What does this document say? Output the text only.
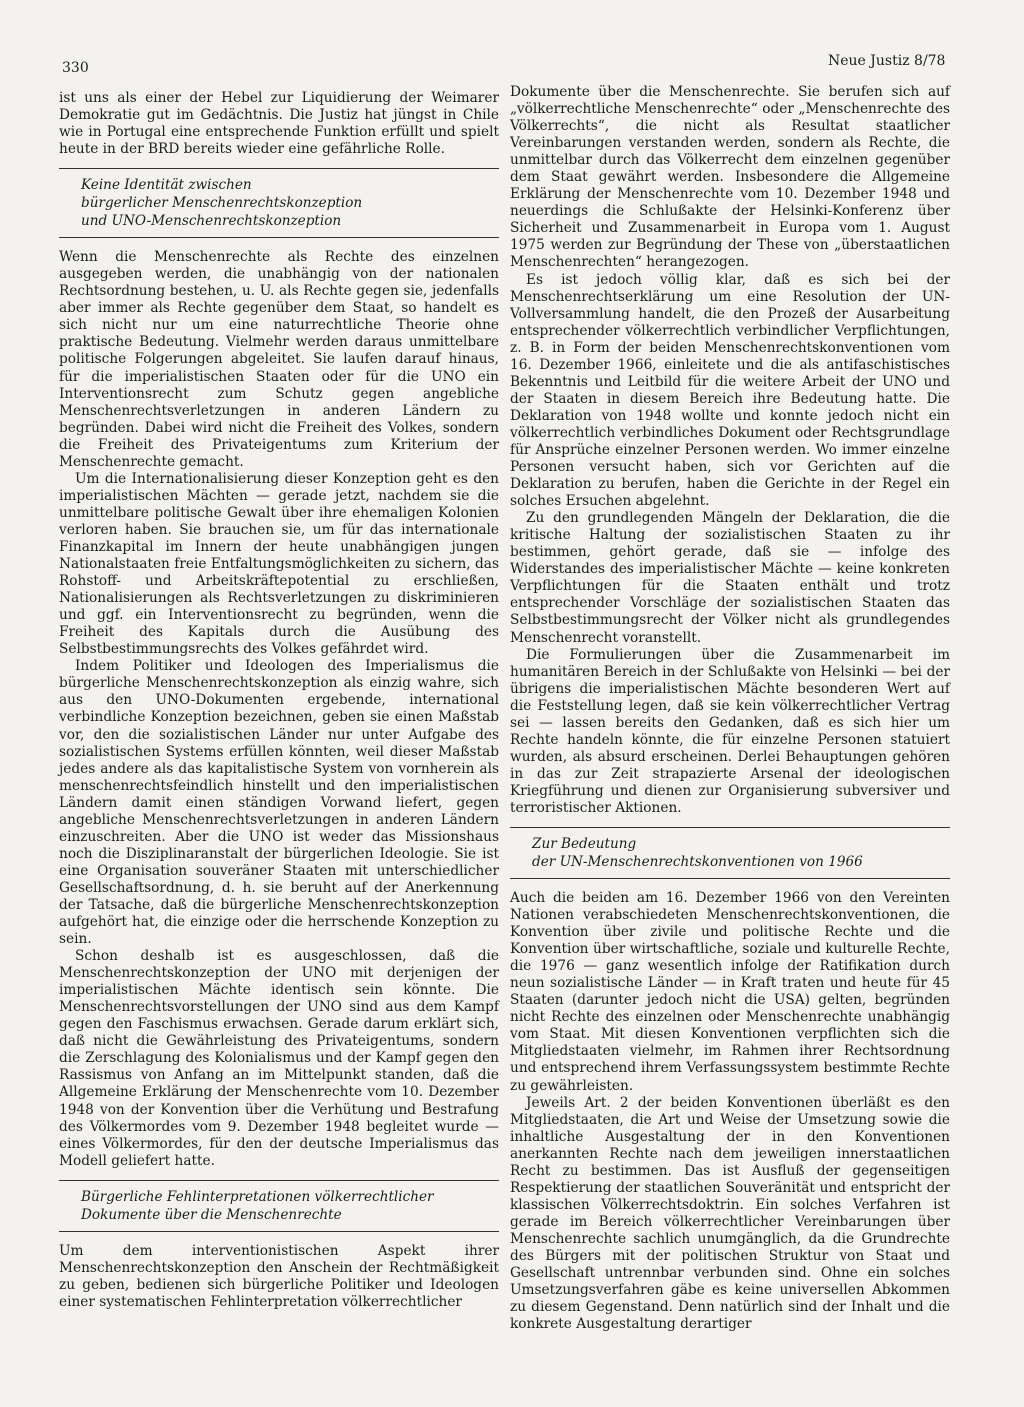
330	Neue Justiz 8/78

ist uns als einer der Hebel zur Liquidierung der Weimarer Demokratie gut im Gedächtnis. Die Justiz hat jüngst in Chile wie in Portugal eine entsprechende Funktion erfüllt und spielt heute in der BRD bereits wieder eine gefährliche Rolle.

Keine Identität zwischen
bürgerlicher Menschenrechtskonzeption
und UNO-Menschenrechtskonzeption

Wenn die Menschenrechte als Rechte des einzelnen ausgegeben werden, die unabhängig von der nationalen Rechtsordnung bestehen, u. U. als Rechte gegen sie, jedenfalls aber immer als Rechte gegenüber dem Staat, so handelt es sich nicht nur um eine naturrechtliche Theorie ohne praktische Bedeutung. Vielmehr werden daraus unmittelbare politische Folgerungen abgeleitet. Sie laufen darauf hinaus, für die imperialistischen Staaten oder für die UNO ein Interventionsrecht zum Schutz gegen angebliche Menschenrechtsverletzungen in anderen Ländern zu begründen. Dabei wird nicht die Freiheit des Volkes, sondern die Freiheit des Privateigentums zum Kriterium der Menschenrechte gemacht.

Um die Internationalisierung dieser Konzeption geht es den imperialistischen Mächten — gerade jetzt, nachdem sie die unmittelbare politische Gewalt über ihre ehemaligen Kolonien verloren haben. Sie brauchen sie, um für das internationale Finanzkapital im Innern der heute unabhängigen jungen Nationalstaaten freie Entfaltungsmöglichkeiten zu sichern, das Rohstoff- und Arbeitskräftepotential zu erschließen, Nationalisierungen als Rechtsverletzungen zu diskriminieren und ggf. ein Interventionsrecht zu begründen, wenn die Freiheit des Kapitals durch die Ausübung des Selbstbestimmungsrechts des Volkes gefährdet wird.

Indem Politiker und Ideologen des Imperialismus die bürgerliche Menschenrechtskonzeption als einzig wahre, sich aus den UNO-Dokumenten ergebende, international verbindliche Konzeption bezeichnen, geben sie einen Maßstab vor, den die sozialistischen Länder nur unter Aufgabe des sozialistischen Systems erfüllen könnten, weil dieser Maßstab jedes andere als das kapitalistische System von vornherein als menschenrechtsfeindlich hinstellt und den imperialistischen Ländern damit einen ständigen Vorwand liefert, gegen angebliche Menschenrechtsverletzungen in anderen Ländern einzuschreiten. Aber die UNO ist weder das Missionshaus noch die Disziplinaranstalt der bürgerlichen Ideologie. Sie ist eine Organisation souveräner Staaten mit unterschiedlicher Gesellschaftsordnung, d. h. sie beruht auf der Anerkennung der Tatsache, daß die bürgerliche Menschenrechtskonzeption aufgehört hat, die einzige oder die herrschende Konzeption zu sein.

Schon deshalb ist es ausgeschlossen, daß die Menschenrechtskonzeption der UNO mit derjenigen der imperialistischen Mächte identisch sein könnte. Die Menschenrechtsvorstellungen der UNO sind aus dem Kampf gegen den Faschismus erwachsen. Gerade darum erklärt sich, daß nicht die Gewährleistung des Privateigentums, sondern die Zerschlagung des Kolonialismus und der Kampf gegen den Rassismus von Anfang an im Mittelpunkt standen, daß die Allgemeine Erklärung der Menschenrechte vom 10. Dezember 1948 von der Konvention über die Verhütung und Bestrafung des Völkermordes vom 9. Dezember 1948 begleitet wurde — eines Völkermordes, für den der deutsche Imperialismus das Modell geliefert hatte.

Bürgerliche Fehlinterpretationen völkerrechtlicher
Dokumente über die Menschenrechte

Um dem interventionistischen Aspekt ihrer Menschenrechtskonzeption den Anschein der Rechtmäßigkeit zu geben, bedienen sich bürgerliche Politiker und Ideologen einer systematischen Fehlinterpretation völkerrechtlicher

Dokumente über die Menschenrechte. Sie berufen sich auf „völkerrechtliche Menschenrechte“ oder „Menschenrechte des Völkerrechts“, die nicht als Resultat staatlicher Vereinbarungen verstanden werden, sondern als Rechte, die unmittelbar durch das Völkerrecht dem einzelnen gegenüber dem Staat gewährt werden. Insbesondere die Allgemeine Erklärung der Menschenrechte vom 10. Dezember 1948 und neuerdings die Schlußakte der Helsinki-Konferenz über Sicherheit und Zusammenarbeit in Europa vom 1. August 1975 werden zur Begründung der These von „überstaatlichen Menschenrechten“ herangezogen.

Es ist jedoch völlig klar, daß es sich bei der Menschenrechtserklärung um eine Resolution der UN-Vollversammlung handelt, die den Prozeß der Ausarbeitung entsprechender völkerrechtlich verbindlicher Verpflichtungen, z. B. in Form der beiden Menschenrechtskonventionen vom 16. Dezember 1966, einleitete und die als antifaschistisches Bekenntnis und Leitbild für die weitere Arbeit der UNO und der Staaten in diesem Bereich ihre Bedeutung hatte. Die Deklaration von 1948 wollte und konnte jedoch nicht ein völkerrechtlich verbindliches Dokument oder Rechtsgrundlage für Ansprüche einzelner Personen werden. Wo immer einzelne Personen versucht haben, sich vor Gerichten auf die Deklaration zu berufen, haben die Gerichte in der Regel ein solches Ersuchen abgelehnt.

Zu den grundlegenden Mängeln der Deklaration, die die kritische Haltung der sozialistischen Staaten zu ihr bestimmen, gehört gerade, daß sie — infolge des Widerstandes des imperialistischer Mächte — keine konkreten Verpflichtungen für die Staaten enthält und trotz entsprechender Vorschläge der sozialistischen Staaten das Selbstbestimmungsrecht der Völker nicht als grundlegendes Menschenrecht voranstellt.

Die Formulierungen über die Zusammenarbeit im humanitären Bereich in der Schlußakte von Helsinki — bei der übrigens die imperialistischen Mächte besonderen Wert auf die Feststellung legen, daß sie kein völkerrechtlicher Vertrag sei — lassen bereits den Gedanken, daß es sich hier um Rechte handeln könnte, die für einzelne Personen statuiert wurden, als absurd erscheinen. Derlei Behauptungen gehören in das zur Zeit strapazierte Arsenal der ideologischen Kriegführung und dienen zur Organisierung subversiver und terroristischer Aktionen.

Zur Bedeutung
der UN-Menschenrechtskonventionen von 1966

Auch die beiden am 16. Dezember 1966 von den Vereinten Nationen verabschiedeten Menschenrechtskonventionen, die Konvention über zivile und politische Rechte und die Konvention über wirtschaftliche, soziale und kulturelle Rechte, die 1976 — ganz wesentlich infolge der Ratifikation durch neun sozialistische Länder — in Kraft traten und heute für 45 Staaten (darunter jedoch nicht die USA) gelten, begründen nicht Rechte des einzelnen oder Menschenrechte unabhängig vom Staat. Mit diesen Konventionen verpflichten sich die Mitgliedstaaten vielmehr, im Rahmen ihrer Rechtsordnung und entsprechend ihrem Verfassungssystem bestimmte Rechte zu gewährleisten.

Jeweils Art. 2 der beiden Konventionen überläßt es den Mitgliedstaaten, die Art und Weise der Umsetzung sowie die inhaltliche Ausgestaltung der in den Konventionen anerkannten Rechte nach dem jeweiligen innerstaatlichen Recht zu bestimmen. Das ist Ausfluß der gegenseitigen Respektierung der staatlichen Souveränität und entspricht der klassischen Völkerrechtsdoktrin. Ein solches Verfahren ist gerade im Bereich völkerrechtlicher Vereinbarungen über Menschenrechte sachlich unumgänglich, da die Grundrechte des Bürgers mit der politischen Struktur von Staat und Gesellschaft untrennbar verbunden sind. Ohne ein solches Umsetzungsverfahren gäbe es keine universellen Abkommen zu diesem Gegenstand. Denn natürlich sind der Inhalt und die konkrete Ausgestaltung derartiger
